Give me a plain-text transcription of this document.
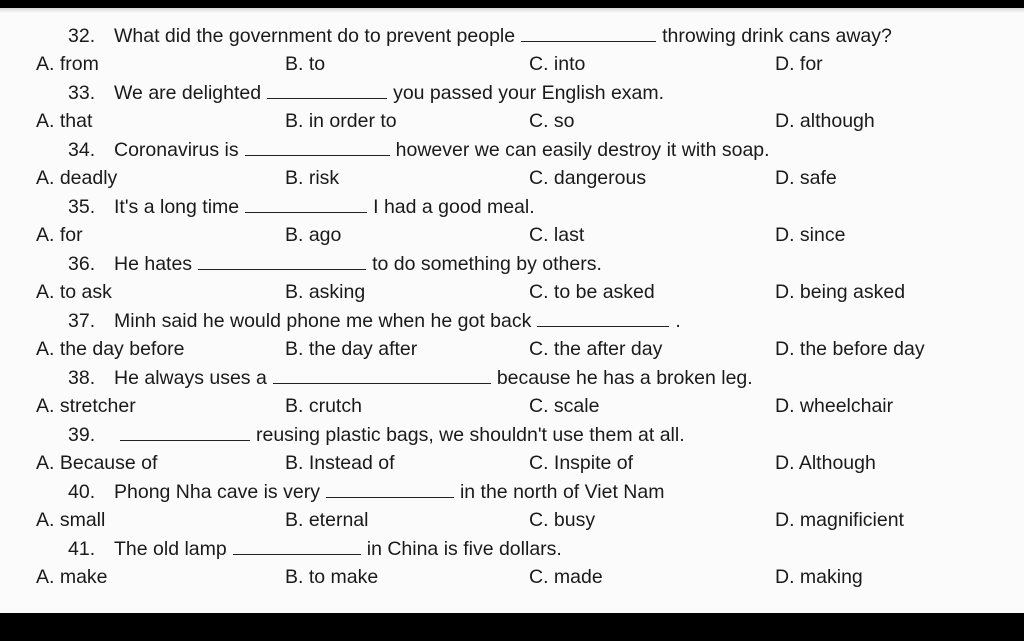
32. What did the government do to prevent people	throwing drink cans away?
A. from	B. to	C. into	D. for
33. We are delighted	you passed your English exam.
A. that	B. in order to	C. so	D. although
34. Coronavirus is	however we can easily destroy it with soap.
A. deadly	B. risk	C. dangerous	D. safe
35. It's a long time	I had a good meal.
A. for	B. ago	C. last	D. since
36. He hates	to do something by others.
A. to ask	B. asking	C. to be asked	D. being asked
37. Minh said he would phone me when he got back	.
A. the day before	B. the day after	C. the after day	D. the before day
38. He always uses a	because he has a broken leg.
A. stretcher	B. crutch	C. scale	D. wheelchair
39.	reusing plastic bags, we shouldn't use them at all.
A. Because of	B. Instead of	C. Inspite of	D. Although
40. Phong Nha cave is very	in the north of Viet Nam
A. small	B. eternal	C. busy	D. magnificient
41. The old lamp	in China is five dollars.
A. make	B. to make	C. made	D. making
